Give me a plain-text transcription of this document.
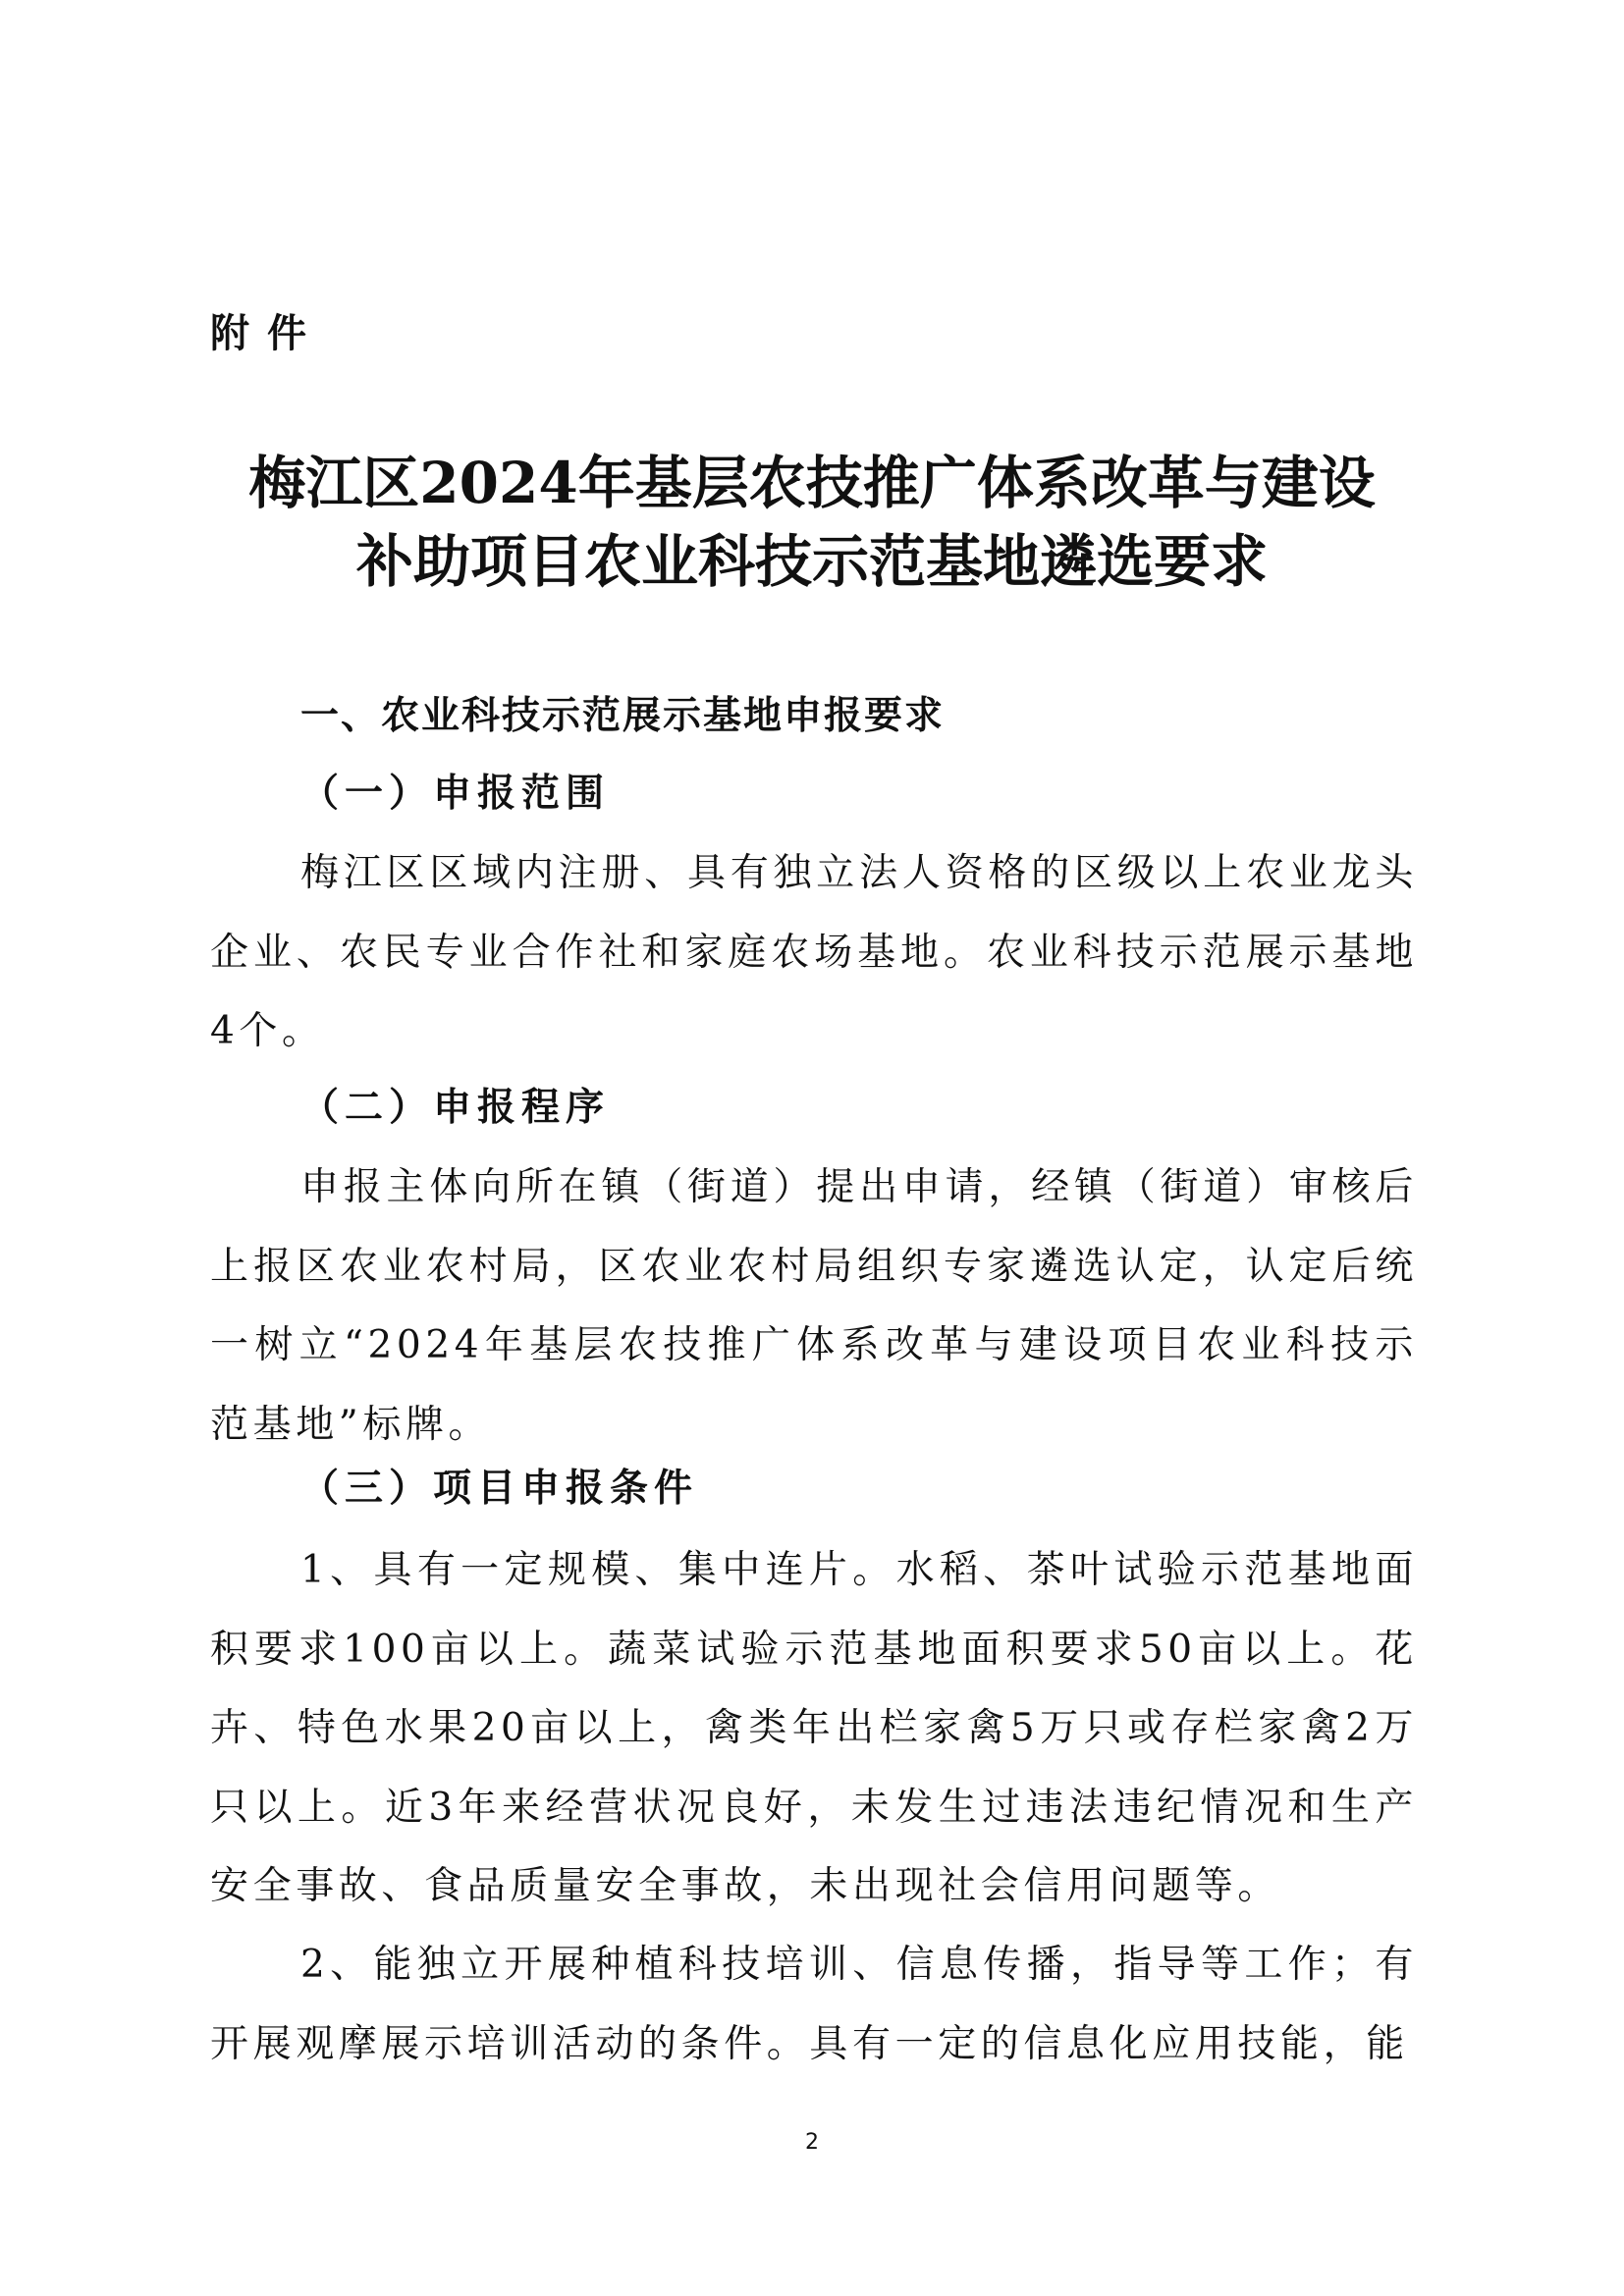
附件
梅江区2024年基层农技推广体系改革与建设
补助项目农业科技示范基地遴选要求
一、农业科技示范展示基地申报要求
（一）申报范围

梅江区区域内注册、具有独立法人资格的区级以上农业龙头企业、农民专业合作社和家庭农场基地。农业科技示范展示基地4个。

（二）申报程序

申报主体向所在镇（街道）提出申请，经镇（街道）审核后上报区农业农村局，区农业农村局组织专家遴选认定，认定后统一树立“2024年基层农技推广体系改革与建设项目农业科技示范基地”标牌。

（三）项目申报条件

1、具有一定规模、集中连片。水稻、茶叶试验示范基地面积要求100亩以上。蔬菜试验示范基地面积要求50亩以上。花卉、特色水果20亩以上，禽类年出栏家禽5万只或存栏家禽2万只以上。近3年来经营状况良好，未发生过违法违纪情况和生产安全事故、食品质量安全事故，未出现社会信用问题等。

2、能独立开展种植科技培训、信息传播，指导等工作；有开展观摩展示培训活动的条件。具有一定的信息化应用技能，能

2
